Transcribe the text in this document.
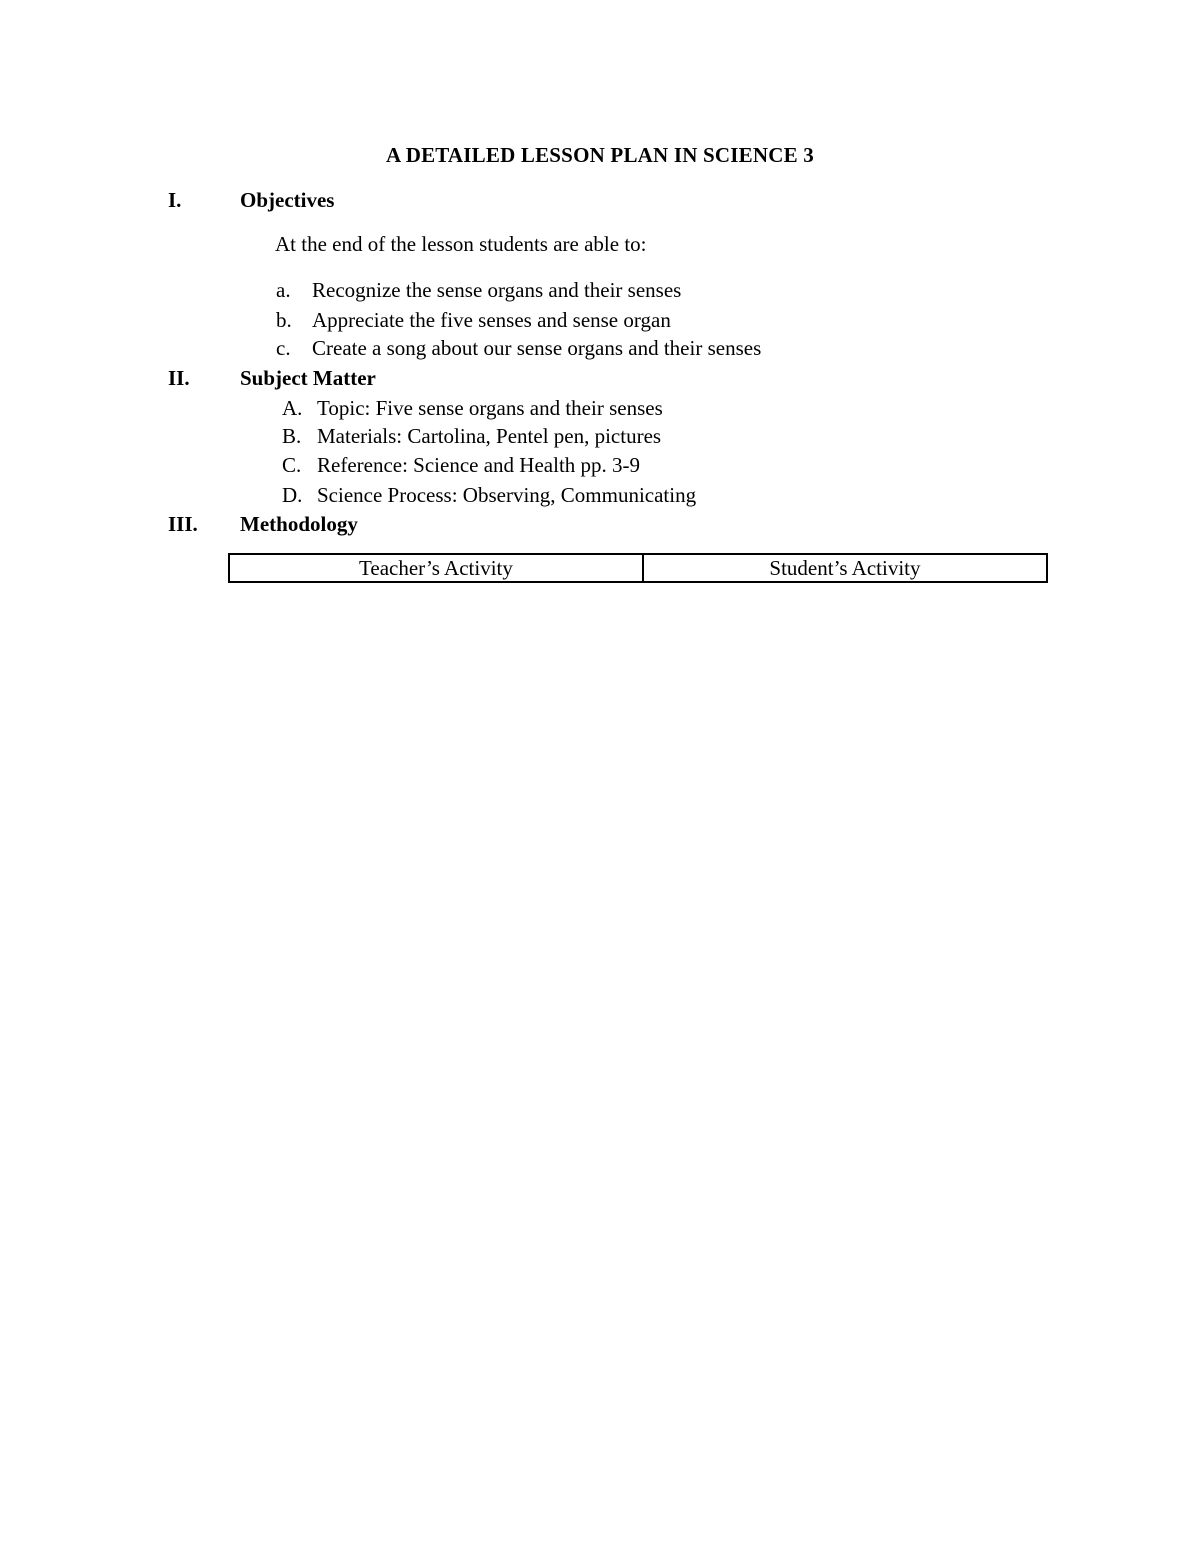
A DETAILED LESSON PLAN IN SCIENCE 3
I.	Objectives
At the end of the lesson students are able to:
a. Recognize the sense organs and their senses
b. Appreciate the five senses and sense organ
c. Create a song about our sense organs and their senses
II. Subject Matter
A. Topic: Five sense organs and their senses
B. Materials: Cartolina, Pentel pen, pictures
C. Reference: Science and Health pp. 3-9
D. Science Process: Observing, Communicating
III. Methodology
Teacher’s Activity	Student’s Activity
